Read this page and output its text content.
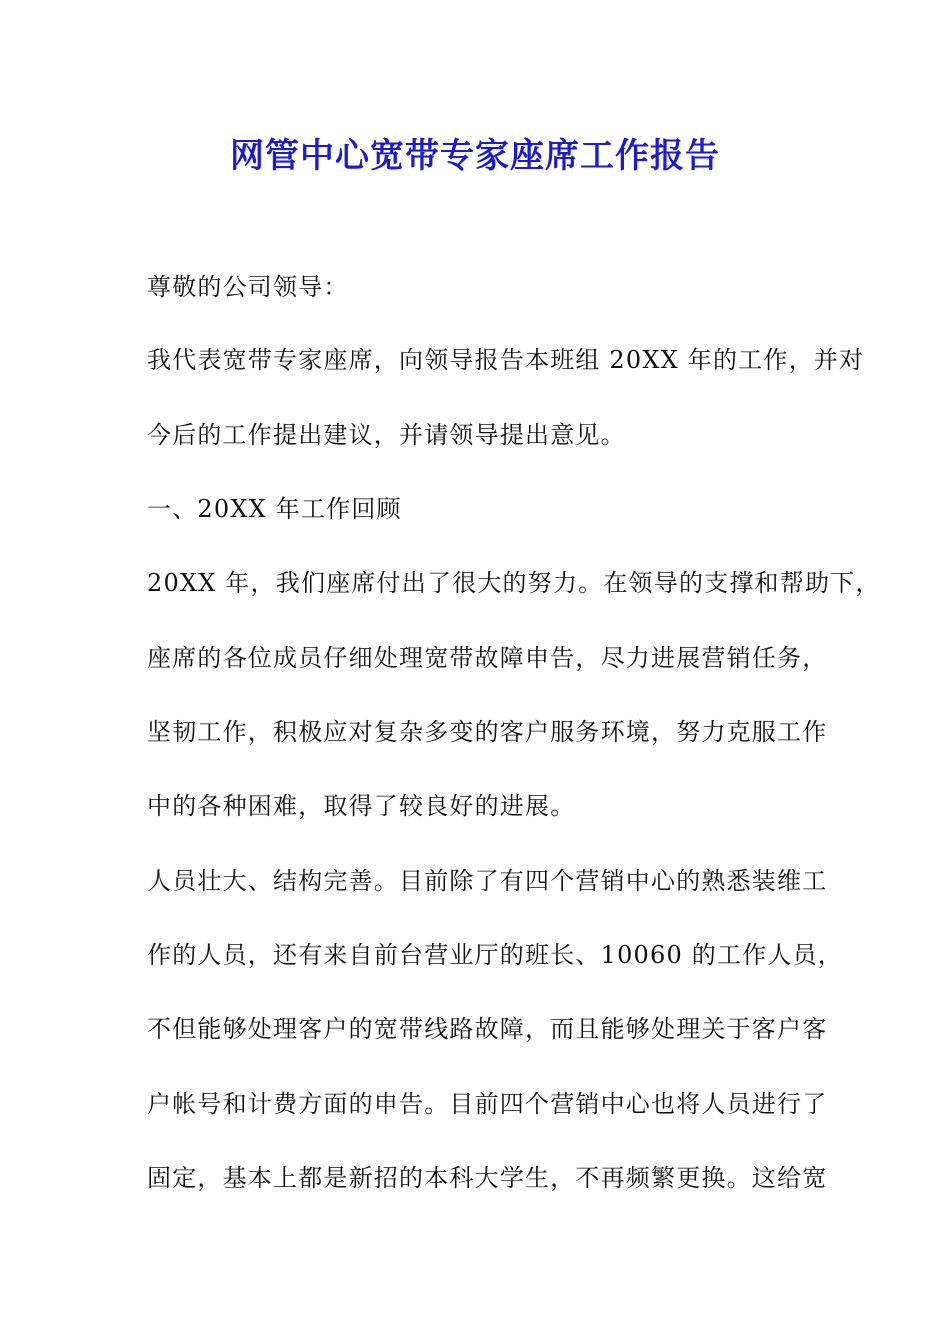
网管中心宽带专家座席工作报告
尊敬的公司领导：
我代表宽带专家座席，向领导报告本班组 20XX 年的工作，并对
今后的工作提出建议，并请领导提出意见。
一、20XX 年工作回顾
20XX 年，我们座席付出了很大的努力。在领导的支撑和帮助下，
座席的各位成员仔细处理宽带故障申告，尽力进展营销任务，
坚韧工作，积极应对复杂多变的客户服务环境，努力克服工作
中的各种困难，取得了较良好的进展。
人员壮大、结构完善。目前除了有四个营销中心的熟悉装维工
作的人员，还有来自前台营业厅的班长、10060 的工作人员，
不但能够处理客户的宽带线路故障，而且能够处理关于客户客
户帐号和计费方面的申告。目前四个营销中心也将人员进行了
固定，基本上都是新招的本科大学生，不再频繁更换。这给宽
